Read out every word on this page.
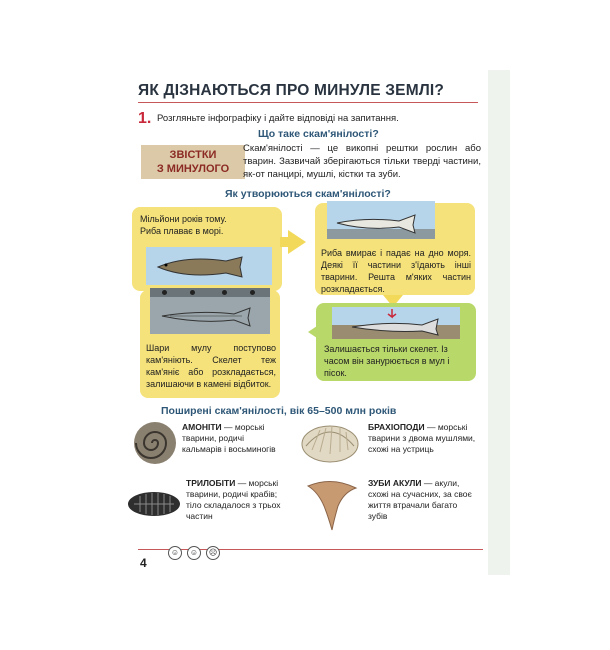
ЯК ДІЗНАЮТЬСЯ ПРО МИНУЛЕ ЗЕМЛІ?
1. Розгляньте інфографіку і дайте відповіді на запитання.
ЗВІСТКИ
З МИНУЛОГО
Що таке скам'янілості?
Скам'янілості — це викопні рештки рослин або тварин. Зазвичай зберігаються тільки тверді частини, як-от панцирі, мушлі, кістки та зуби.
Як утворюються скам'янілості?
Мільйони років тому. Риба плаває в морі.
Риба вмирає і падає на дно моря. Деякі її частини з'їдають інші тварини. Решта м'яких частин розкладається.
Шари мулу поступово кам'яніють. Скелет теж кам'яніє або розкладається, залишаючи в камені відбиток.
Залишається тільки скелет. Із часом він занурюється в мул і пісок.
Поширені скам'янілості, вік 65–500 млн років
АМОНІТИ — морські тварини, родичі кальмарів і восьминогів
БРАХІОПОДИ — морські тварини з двома мушлями, схожі на устриць
ТРИЛОБІТИ — морські тварини, родичі крабів; тіло складалося з трьох частин
ЗУБИ АКУЛИ — акули, схожі на сучасних, за своє життя втрачали багато зубів
☺ ☺ ☹
4
